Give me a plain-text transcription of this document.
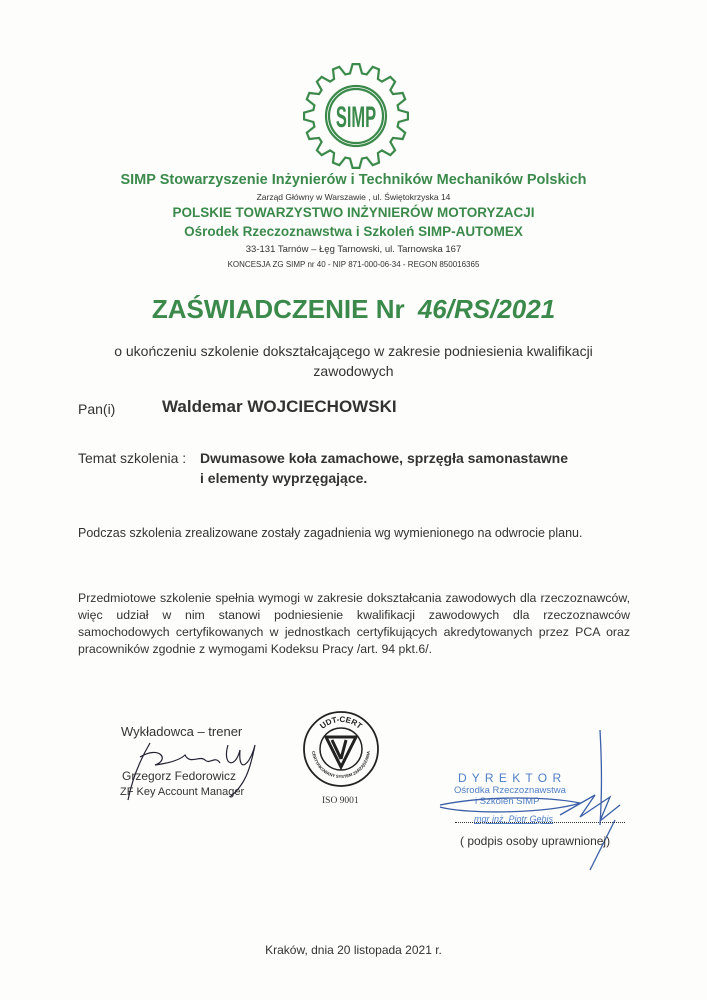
SIMP
SIMP Stowarzyszenie Inżynierów i Techników Mechaników Polskich
Zarząd Główny w Warszawie , ul. Świętokrzyska 14
POLSKIE TOWARZYSTWO INŻYNIERÓW MOTORYZACJI
Ośrodek Rzeczoznawstwa i Szkoleń SIMP-AUTOMEX
33-131 Tarnów – Łęg Tarnowski, ul. Tarnowska 167
KONCESJA ZG SIMP nr 40 - NIP 871-000-06-34 - REGON 850016365
ZAŚWIADCZENIE Nr 46/RS/2021
o ukończeniu szkolenie dokształcającego w zakresie podniesienia kwalifikacji
zawodowych
Pan(i)	Waldemar WOJCIECHOWSKI
Temat szkolenia : Dwumasowe koła zamachowe, sprzęgła samonastawne
i elementy wyprzęgające.
Podczas szkolenia zrealizowane zostały zagadnienia wg wymienionego na odwrocie planu.
Przedmiotowe szkolenie spełnia wymogi w zakresie dokształcania zawodowych dla rzeczoznawców,
więc udział w nim stanowi podniesienie kwalifikacji zawodowych dla rzeczoznawców
samochodowych certyfikowanych w jednostkach certyfikujących akredytowanych przez PCA oraz
pracowników zgodnie z wymogami Kodeksu Pracy /art. 94 pkt.6/.
Wykładowca – trener
Grzegorz Fedorowicz
ZF Key Account Manager
UDT-CERT
CERTYFIKOWANY SYSTEM ZARZĄDZANIA
ISO 9001
D Y R E K T O R
Ośrodka Rzeczoznawstwa
i Szkoleń SIMP
mgr inż. Piotr Gębis
( podpis osoby uprawnionej)
Kraków, dnia 20 listopada 2021 r.
